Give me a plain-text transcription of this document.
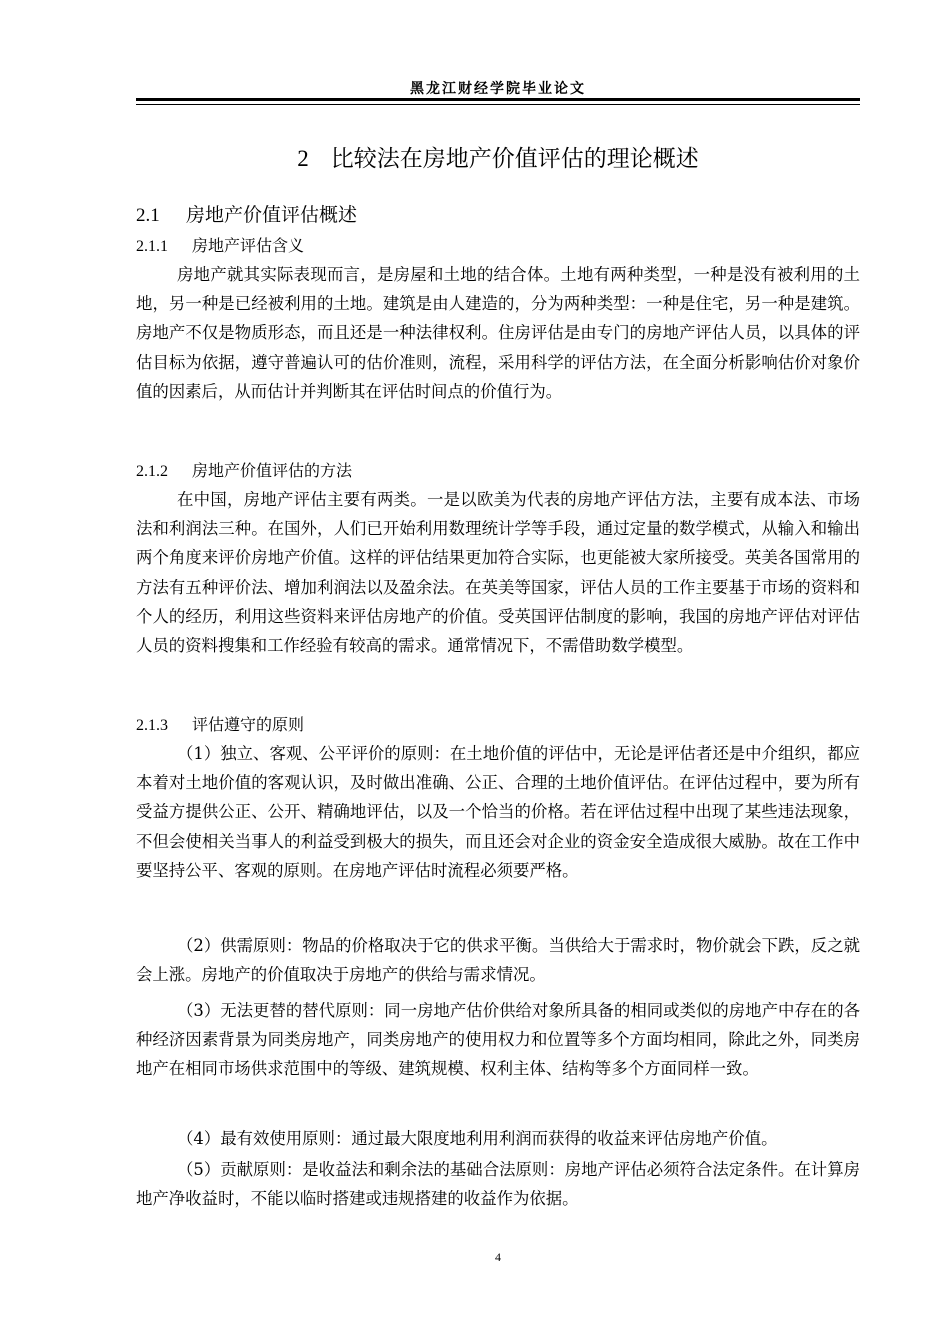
黑龙江财经学院毕业论文
2 比较法在房地产价值评估的理论概述
2.1 房地产价值评估概述
2.1.1 房地产评估含义

房地产就其实际表现而言，是房屋和土地的结合体。土地有两种类型，一种是没有被利用的土地，另一种是已经被利用的土地。建筑是由人建造的，分为两种类型：一种是住宅，另一种是建筑。房地产不仅是物质形态，而且还是一种法律权利。住房评估是由专门的房地产评估人员，以具体的评估目标为依据，遵守普遍认可的估价准则，流程，采用科学的评估方法，在全面分析影响估价对象价值的因素后，从而估计并判断其在评估时间点的价值行为。

2.1.2 房地产价值评估的方法

在中国，房地产评估主要有两类。一是以欧美为代表的房地产评估方法，主要有成本法、市场法和利润法三种。在国外，人们已开始利用数理统计学等手段，通过定量的数学模式，从输入和输出两个角度来评价房地产价值。这样的评估结果更加符合实际，也更能被大家所接受。英美各国常用的方法有五种评价法、增加利润法以及盈余法。在英美等国家，评估人员的工作主要基于市场的资料和个人的经历，利用这些资料来评估房地产的价值。受英国评估制度的影响，我国的房地产评估对评估人员的资料搜集和工作经验有较高的需求。通常情况下，不需借助数学模型。

2.1.3 评估遵守的原则

（1）独立、客观、公平评价的原则：在土地价值的评估中，无论是评估者还是中介组织，都应本着对土地价值的客观认识，及时做出准确、公正、合理的土地价值评估。在评估过程中，要为所有受益方提供公正、公开、精确地评估，以及一个恰当的价格。若在评估过程中出现了某些违法现象，不但会使相关当事人的利益受到极大的损失，而且还会对企业的资金安全造成很大威胁。故在工作中要坚持公平、客观的原则。在房地产评估时流程必须要严格。

（2）供需原则：物品的价格取决于它的供求平衡。当供给大于需求时，物价就会下跌，反之就会上涨。房地产的价值取决于房地产的供给与需求情况。

（3）无法更替的替代原则：同一房地产估价供给对象所具备的相同或类似的房地产中存在的各种经济因素背景为同类房地产，同类房地产的使用权力和位置等多个方面均相同，除此之外，同类房地产在相同市场供求范围中的等级、建筑规模、权利主体、结构等多个方面同样一致。

（4）最有效使用原则：通过最大限度地利用利润而获得的收益来评估房地产价值。

（5）贡献原则：是收益法和剩余法的基础合法原则：房地产评估必须符合法定条件。在计算房地产净收益时，不能以临时搭建或违规搭建的收益作为依据。

4
